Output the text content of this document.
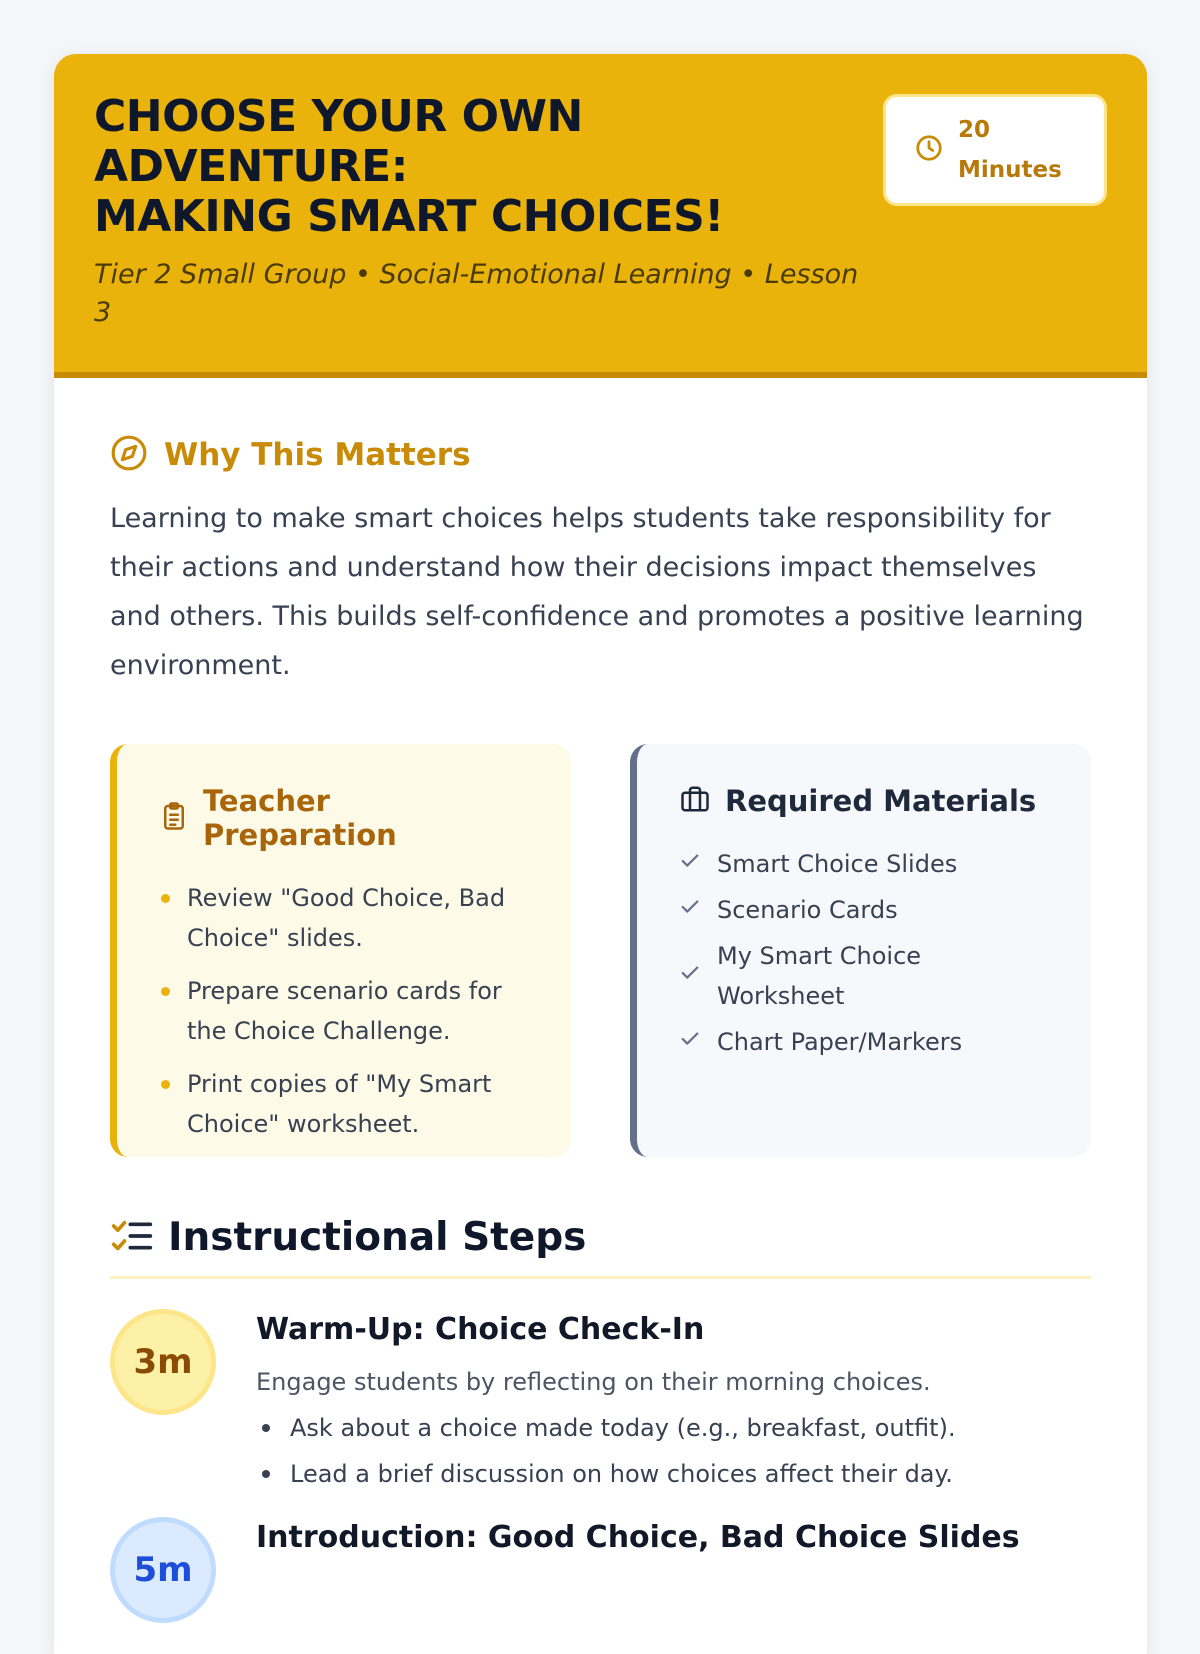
CHOOSE YOUR OWN
ADVENTURE:
MAKING SMART CHOICES!

Tier 2 Small Group • Social-Emotional Learning • Lesson 3

20 Minutes
Why This Matters

Learning to make smart choices helps students take responsibility for their actions and understand how their decisions impact themselves and others. This builds self-confidence and promotes a positive learning environment.

Teacher Preparation
Review "Good Choice, Bad Choice" slides.
Prepare scenario cards for the Choice Challenge.
Print copies of "My Smart Choice" worksheet.
Required Materials
Smart Choice Slides
Scenario Cards
My Smart Choice Worksheet
Chart Paper/Markers
Instructional Steps
3m
Warm-Up: Choice Check-In

Engage students by reflecting on their morning choices.

Ask about a choice made today (e.g., breakfast, outfit).
Lead a brief discussion on how choices affect their day.
5m
Introduction: Good Choice, Bad Choice Slides
